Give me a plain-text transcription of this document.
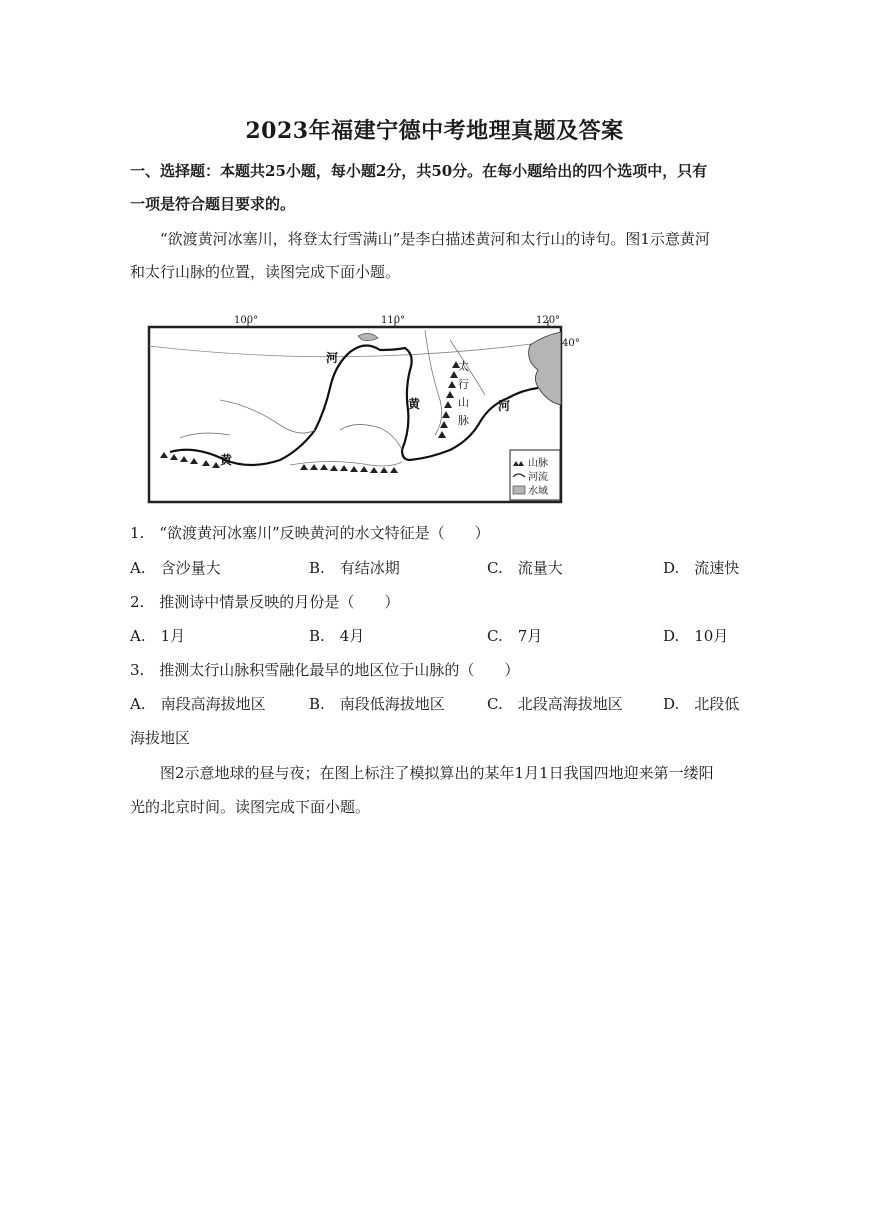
2023年福建宁德中考地理真题及答案
一、选择题：本题共25小题，每小题2分，共50分。在每小题给出的四个选项中，只有
一项是符合题目要求的。
“欲渡黄河冰塞川，将登太行雪满山”是李白描述黄河和太行山的诗句。图1示意黄河
和太行山脉的位置，读图完成下面小题。
100°	110°	120°
40°
河
黄	河
黄
太
行
山
脉
山脉
河流
水域
1.　“欲渡黄河冰塞川”反映黄河的水文特征是（　　）
A.　含沙量大	B.　有结冰期	C.　流量大	D.　流速快
2.　推测诗中情景反映的月份是（　　）
A.　1月	B.　4月	C.　7月	D.　10月
3.　推测太行山脉积雪融化最早的地区位于山脉的（　　）
A.　南段高海拔地区	B.　南段低海拔地区	C.　北段高海拔地区	D.　北段低
海拔地区
图2示意地球的昼与夜；在图上标注了模拟算出的某年1月1日我国四地迎来第一缕阳
光的北京时间。读图完成下面小题。
